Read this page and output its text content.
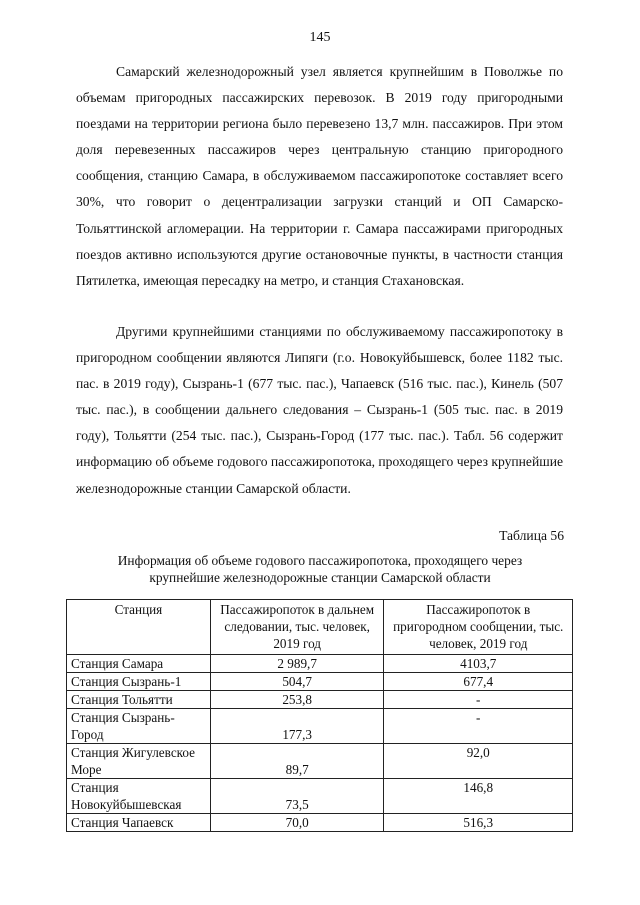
145

Самарский железнодорожный узел является крупнейшим в Поволжье по объемам пригородных пассажирских перевозок. В 2019 году пригородными поездами на территории региона было перевезено 13,7 млн. пассажиров. При этом доля перевезенных пассажиров через центральную станцию пригородного сообщения, станцию Самара, в обслуживаемом пассажиропотоке составляет всего 30%, что говорит о децентрализации загрузки станций и ОП Самарско-Тольяттинской агломерации. На территории г. Самара пассажирами пригородных поездов активно используются другие остановочные пункты, в частности станция Пятилетка, имеющая пересадку на метро, и станция Стахановская.

Другими крупнейшими станциями по обслуживаемому пассажиропотоку в пригородном сообщении являются Липяги (г.о. Новокуйбышевск, более 1182 тыс. пас. в 2019 году), Сызрань-1 (677 тыс. пас.), Чапаевск (516 тыс. пас.), Кинель (507 тыс. пас.), в сообщении дальнего следования – Сызрань-1 (505 тыс. пас. в 2019 году), Тольятти (254 тыс. пас.), Сызрань-Город (177 тыс. пас.). Табл. 56 содержит информацию об объеме годового пассажиропотока, проходящего через крупнейшие железнодорожные станции Самарской области.

Таблица 56
Информация об объеме годового пассажиропотока, проходящего через
крупнейшие железнодорожные станции Самарской области
Станция	Пассажиропоток в дальнем следовании, тыс. человек, 2019 год	Пассажиропоток в пригородном сообщении, тыс. человек, 2019 год
Станция Самара	2 989,7	4103,7
Станция Сызрань-1	504,7	677,4
Станция Тольятти	253,8	-
Станция Сызрань-Город	177,3	-
Станция Жигулевское Море	89,7	92,0
Станция Новокуйбышевская	73,5	146,8
Станция Чапаевск	70,0	516,3
